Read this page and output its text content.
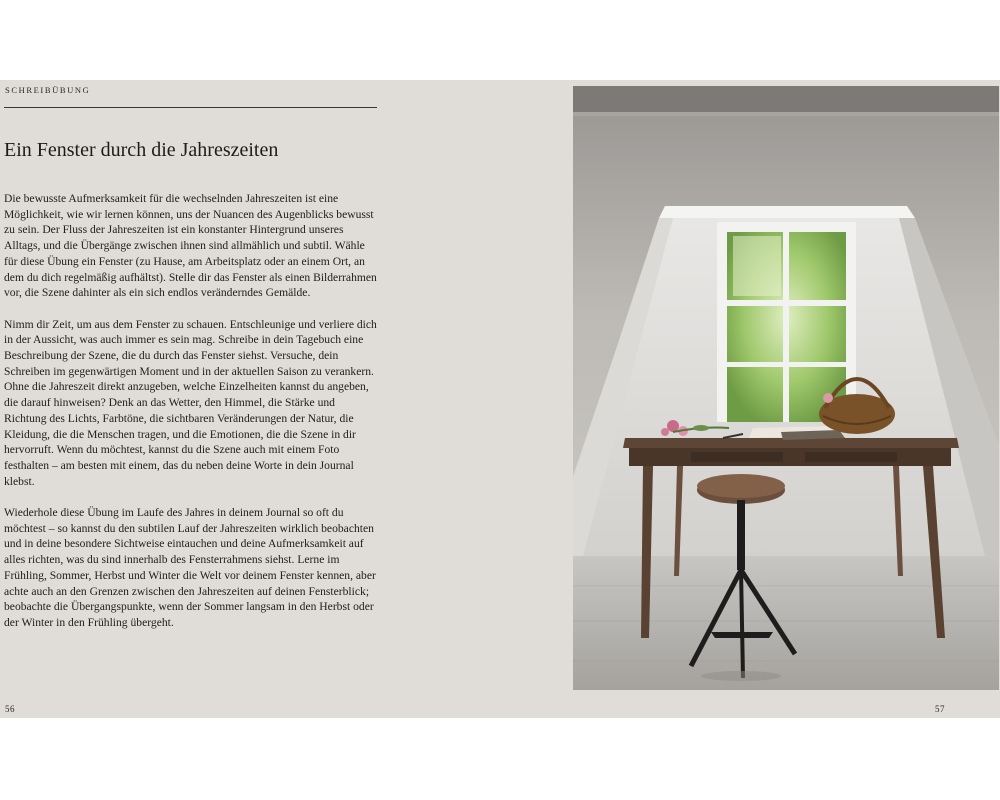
SCHREIBÜBUNG
Ein Fenster durch die Jahreszeiten

Die bewusste Aufmerksamkeit für die wechselnden Jahreszeiten ist eine Möglichkeit, wie wir lernen können, uns der Nuancen des Augenblicks bewusst zu sein. Der Fluss der Jahreszeiten ist ein konstanter Hintergrund unseres Alltags, und die Übergänge zwischen ihnen sind allmählich und subtil. Wähle für diese Übung ein Fenster (zu Hause, am Arbeitsplatz oder an einem Ort, an dem du dich regelmäßig aufhältst). Stelle dir das Fenster als einen Bilderrahmen vor, die Szene dahinter als ein sich endlos veränderndes Gemälde.

Nimm dir Zeit, um aus dem Fenster zu schauen. Entschleunige und verliere dich in der Aussicht, was auch immer es sein mag. Schreibe in dein Tagebuch eine Beschreibung der Szene, die du durch das Fenster siehst. Versuche, dein Schreiben im gegenwärtigen Moment und in der aktuellen Saison zu verankern. Ohne die Jahreszeit direkt anzugeben, welche Einzelheiten kannst du angeben, die darauf hinweisen? Denk an das Wetter, den Himmel, die Stärke und Richtung des Lichts, Farbtöne, die sichtbaren Veränderungen der Natur, die Kleidung, die die Menschen tragen, und die Emotionen, die die Szene in dir hervorruft. Wenn du möchtest, kannst du die Szene auch mit einem Foto festhalten – am besten mit einem, das du neben deine Worte in dein Journal klebst.

Wiederhole diese Übung im Laufe des Jahres in deinem Journal so oft du möchtest – so kannst du den subtilen Lauf der Jahreszeiten wirklich beobachten und in deine besondere Sichtweise eintauchen und deine Aufmerksamkeit auf alles richten, was du sind innerhalb des Fensterrahmens siehst. Lerne im Frühling, Sommer, Herbst und Winter die Welt vor deinem Fenster kennen, aber achte auch an den Grenzen zwischen den Jahreszeiten auf deinen Fensterblick; beobachte die Übergangspunkte, wenn der Sommer langsam in den Herbst oder der Winter in den Frühling übergeht.

56	57
